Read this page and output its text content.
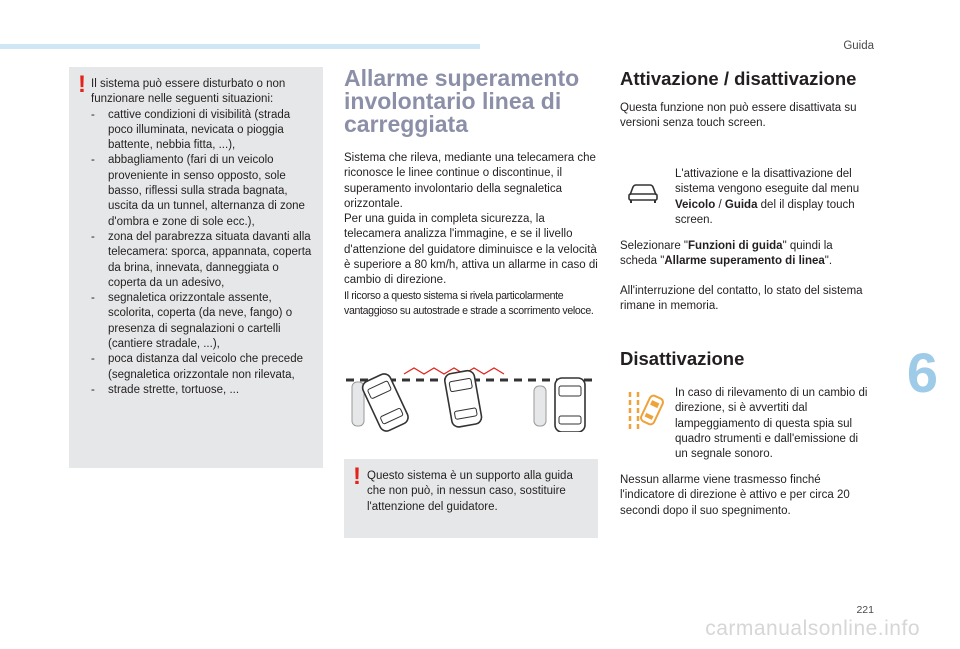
Guida
6
221
carmanualsonline.info
! Il sistema può essere disturbato o non funzionare nelle seguenti situazioni:
- cattive condizioni di visibilità (strada poco illuminata, nevicata o pioggia battente, nebbia fitta, ...),
- abbagliamento (fari di un veicolo proveniente in senso opposto, sole basso, riflessi sulla strada bagnata, uscita da un tunnel, alternanza di zone d'ombra e zone di sole ecc.),
- zona del parabrezza situata davanti alla telecamera: sporca, appannata, coperta da brina, innevata, danneggiata o coperta da un adesivo,
- segnaletica orizzontale assente, scolorita, coperta (da neve, fango) o presenza di segnalazioni o cartelli (cantiere stradale, ...),
- poca distanza dal veicolo che precede (segnaletica orizzontale non rilevata,
- strade strette, tortuose, ...
Allarme superamento involontario linea di carreggiata
Sistema che rileva, mediante una telecamera che riconosce le linee continue o discontinue, il superamento involontario della segnaletica orizzontale.
Per una guida in completa sicurezza, la telecamera analizza l'immagine, e se il livello d'attenzione del guidatore diminuisce e la velocità è superiore a 80 km/h, attiva un allarme in caso di cambio di direzione.
Il ricorso a questo sistema si rivela particolarmente vantaggioso su autostrade e strade a scorrimento veloce.
! Questo sistema è un supporto alla guida che non può, in nessun caso, sostituire l'attenzione del guidatore.
Attivazione / disattivazione
Questa funzione non può essere disattivata su versioni senza touch screen.
L'attivazione e la disattivazione del sistema vengono eseguite dal menu Veicolo / Guida del il display touch screen.
Selezionare "Funzioni di guida" quindi la scheda "Allarme superamento di linea".
All'interruzione del contatto, lo stato del sistema rimane in memoria.
Disattivazione
In caso di rilevamento di un cambio di direzione, si è avvertiti dal lampeggiamento di questa spia sul quadro strumenti e dall'emissione di un segnale sonoro.
Nessun allarme viene trasmesso finché l'indicatore di direzione è attivo e per circa 20 secondi dopo il suo spegnimento.
